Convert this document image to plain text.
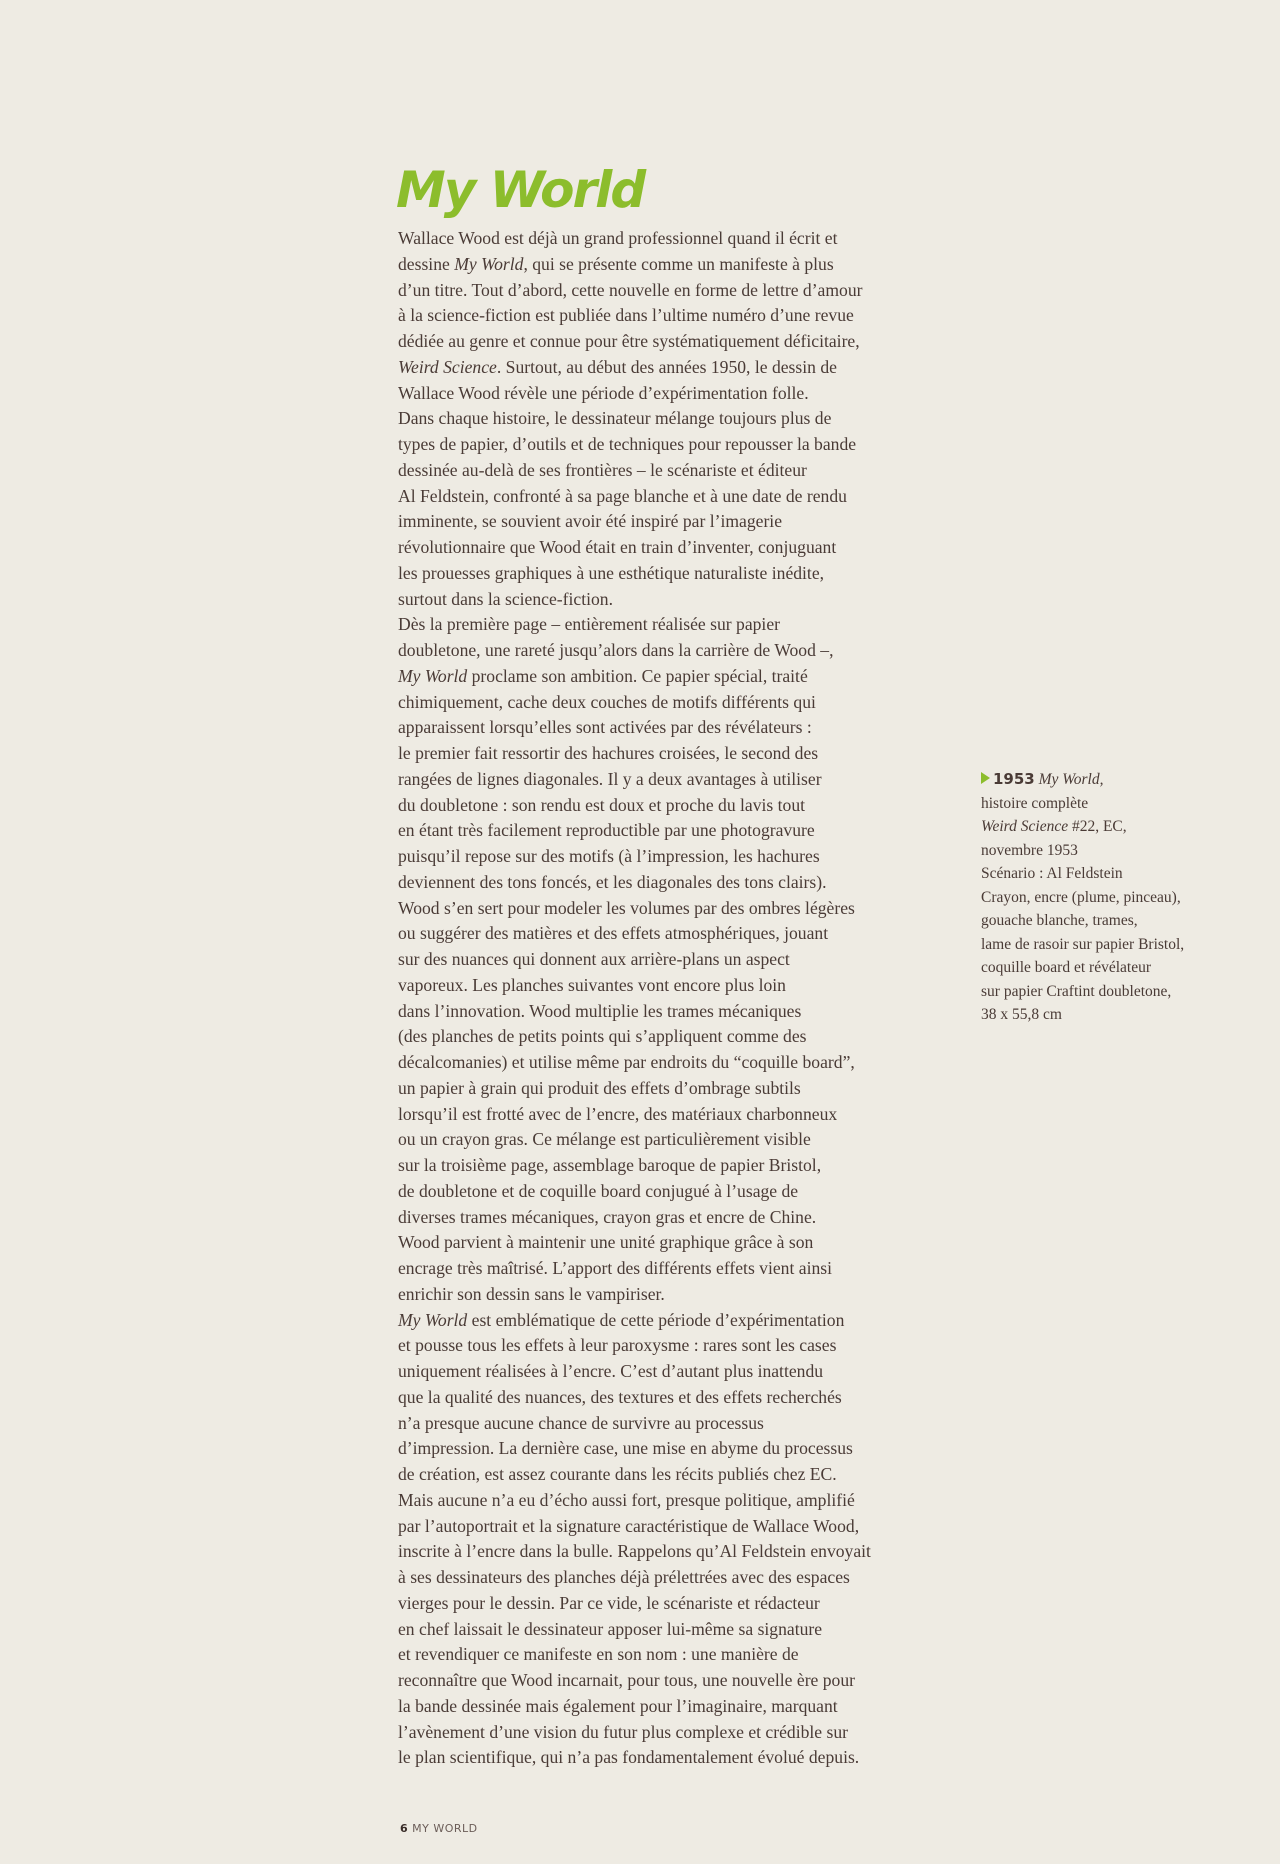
My World
Wallace Wood est déjà un grand professionnel quand il écrit et
dessine My World, qui se présente comme un manifeste à plus
d’un titre. Tout d’abord, cette nouvelle en forme de lettre d’amour
à la science-fiction est publiée dans l’ultime numéro d’une revue
dédiée au genre et connue pour être systématiquement déficitaire,
Weird Science. Surtout, au début des années 1950, le dessin de
Wallace Wood révèle une période d’expérimentation folle.
Dans chaque histoire, le dessinateur mélange toujours plus de
types de papier, d’outils et de techniques pour repousser la bande
dessinée au-delà de ses frontières – le scénariste et éditeur
Al Feldstein, confronté à sa page blanche et à une date de rendu
imminente, se souvient avoir été inspiré par l’imagerie
révolutionnaire que Wood était en train d’inventer, conjuguant
les prouesses graphiques à une esthétique naturaliste inédite,
surtout dans la science-fiction.
Dès la première page – entièrement réalisée sur papier
doubletone, une rareté jusqu’alors dans la carrière de Wood –,
My World proclame son ambition. Ce papier spécial, traité
chimiquement, cache deux couches de motifs différents qui
apparaissent lorsqu’elles sont activées par des révélateurs :
le premier fait ressortir des hachures croisées, le second des
rangées de lignes diagonales. Il y a deux avantages à utiliser
du doubletone : son rendu est doux et proche du lavis tout
en étant très facilement reproductible par une photogravure
puisqu’il repose sur des motifs (à l’impression, les hachures
deviennent des tons foncés, et les diagonales des tons clairs).
Wood s’en sert pour modeler les volumes par des ombres légères
ou suggérer des matières et des effets atmosphériques, jouant
sur des nuances qui donnent aux arrière-plans un aspect
vaporeux. Les planches suivantes vont encore plus loin
dans l’innovation. Wood multiplie les trames mécaniques
(des planches de petits points qui s’appliquent comme des
décalcomanies) et utilise même par endroits du “coquille board”,
un papier à grain qui produit des effets d’ombrage subtils
lorsqu’il est frotté avec de l’encre, des matériaux charbonneux
ou un crayon gras. Ce mélange est particulièrement visible
sur la troisième page, assemblage baroque de papier Bristol,
de doubletone et de coquille board conjugué à l’usage de
diverses trames mécaniques, crayon gras et encre de Chine.
Wood parvient à maintenir une unité graphique grâce à son
encrage très maîtrisé. L’apport des différents effets vient ainsi
enrichir son dessin sans le vampiriser.
My World est emblématique de cette période d’expérimentation
et pousse tous les effets à leur paroxysme : rares sont les cases
uniquement réalisées à l’encre. C’est d’autant plus inattendu
que la qualité des nuances, des textures et des effets recherchés
n’a presque aucune chance de survivre au processus
d’impression. La dernière case, une mise en abyme du processus
de création, est assez courante dans les récits publiés chez EC.
Mais aucune n’a eu d’écho aussi fort, presque politique, amplifié
par l’autoportrait et la signature caractéristique de Wallace Wood,
inscrite à l’encre dans la bulle. Rappelons qu’Al Feldstein envoyait
à ses dessinateurs des planches déjà prélettrées avec des espaces
vierges pour le dessin. Par ce vide, le scénariste et rédacteur
en chef laissait le dessinateur apposer lui-même sa signature
et revendiquer ce manifeste en son nom : une manière de
reconnaître que Wood incarnait, pour tous, une nouvelle ère pour
la bande dessinée mais également pour l’imaginaire, marquant
l’avènement d’une vision du futur plus complexe et crédible sur
le plan scientifique, qui n’a pas fondamentalement évolué depuis.
1953 My World,
histoire complète
Weird Science #22, EC,
novembre 1953
Scénario : Al Feldstein
Crayon, encre (plume, pinceau),
gouache blanche, trames,
lame de rasoir sur papier Bristol,
coquille board et révélateur
sur papier Craftint doubletone,
38 x 55,8 cm
6 MY WORLD
